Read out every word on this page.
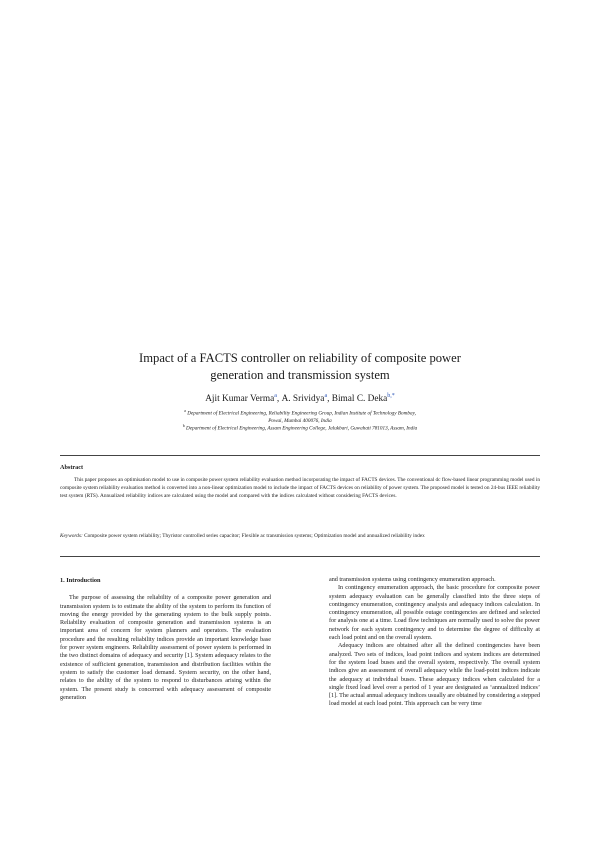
Impact of a FACTS controller on reliability of composite power
generation and transmission system
Ajit Kumar Verma$^a$, A. Srividya$^a$, Bimal C. Deka$^{b,*}$
$^a$ Department of Electrical Engineering, Reliability Engineering Group, Indian Institute of Technology Bombay,
Powai, Mumbai 400076, India
$^b$ Department of Electrical Engineering, Assam Engineering College, Jalukbari, Guwahati 781013, Assam, India
Abstract
This paper proposes an optimisation model to use in composite power system reliability evaluation method incorporating the impact of FACTS devices. The conventional dc flow-based linear programming model used in composite system reliability evaluation method is converted into a non-linear optimization model to include the impact of FACTS devices on reliability of power system. The proposed model is tested on 24-bus IEEE reliability test system (RTS). Annualized reliability indices are calculated using the model and compared with the indices calculated without considering FACTS devices.
Keywords: Composite power system reliability; Thyristor controlled series capacitor; Flexible ac transmission systems; Optimization model and annualized reliability index
1. Introduction

The purpose of assessing the reliability of a composite power generation and transmission system is to estimate the ability of the system to perform its function of moving the energy provided by the generating system to the bulk supply points. Reliability evaluation of composite generation and transmission systems is an important area of concern for system planners and operators. The evaluation procedure and the resulting reliability indices provide an important knowledge base for power system engineers. Reliability assessment of power system is performed in the two distinct domains of adequacy and security [1]. System adequacy relates to the existence of sufficient generation, transmission and distribution facilities within the system to satisfy the customer load demand. System security, on the other hand, relates to the ability of the system to respond to disturbances arising within the system. The present study is concerned with adequacy assessment of composite generation

and transmission systems using contingency enumeration approach.

In contingency enumeration approach, the basic procedure for composite power system adequacy evaluation can be generally classified into the three steps of contingency enumeration, contingency analysis and adequacy indices calculation. In contingency enumeration, all possible outage contingencies are defined and selected for analysis one at a time. Load flow techniques are normally used to solve the power network for each system contingency and to determine the degree of difficulty at each load point and on the overall system.

Adequacy indices are obtained after all the defined contingencies have been analyzed. Two sets of indices, load point indices and system indices are determined for the system load buses and the overall system, respectively. The overall system indices give an assessment of overall adequacy while the load-point indices indicate the adequacy at individual buses. These adequacy indices when calculated for a single fixed load level over a period of 1 year are designated as ‘annualized indices’ [1]. The actual annual adequacy indices usually are obtained by considering a stepped load model at each load point. This approach can be very time
